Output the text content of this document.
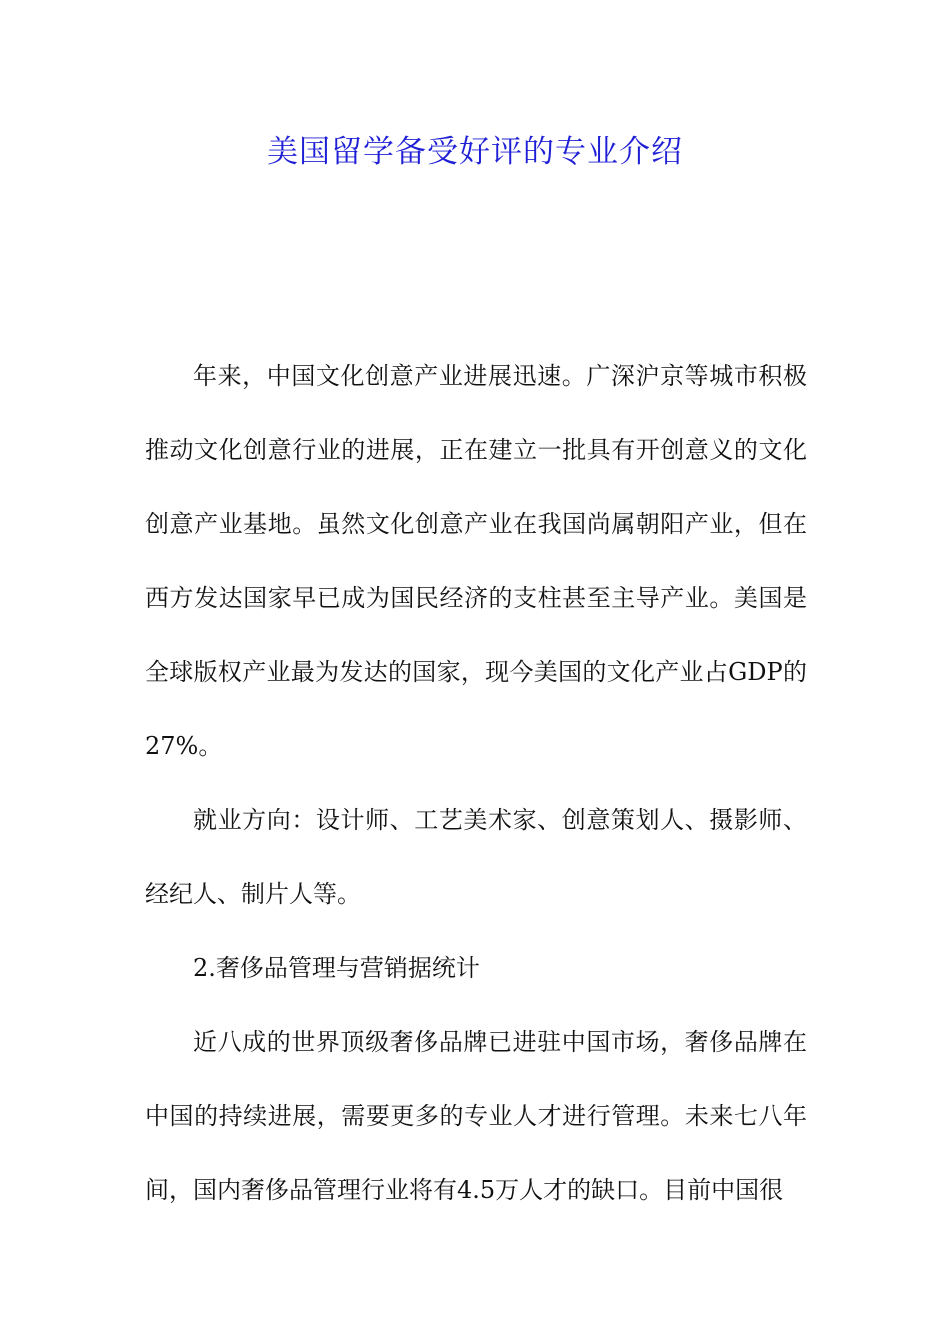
美国留学备受好评的专业介绍

年来，中国文化创意产业进展迅速。广深沪京等城市积极推动文化创意行业的进展，正在建立一批具有开创意义的文化创意产业基地。虽然文化创意产业在我国尚属朝阳产业，但在西方发达国家早已成为国民经济的支柱甚至主导产业。美国是全球版权产业最为发达的国家，现今美国的文化产业占GDP的27%。

就业方向：设计师、工艺美术家、创意策划人、摄影师、经纪人、制片人等。

2.奢侈品管理与营销据统计

近八成的世界顶级奢侈品牌已进驻中国市场，奢侈品牌在中国的持续进展，需要更多的专业人才进行管理。未来七八年间，国内奢侈品管理行业将有4.5万人才的缺口。目前中国很
